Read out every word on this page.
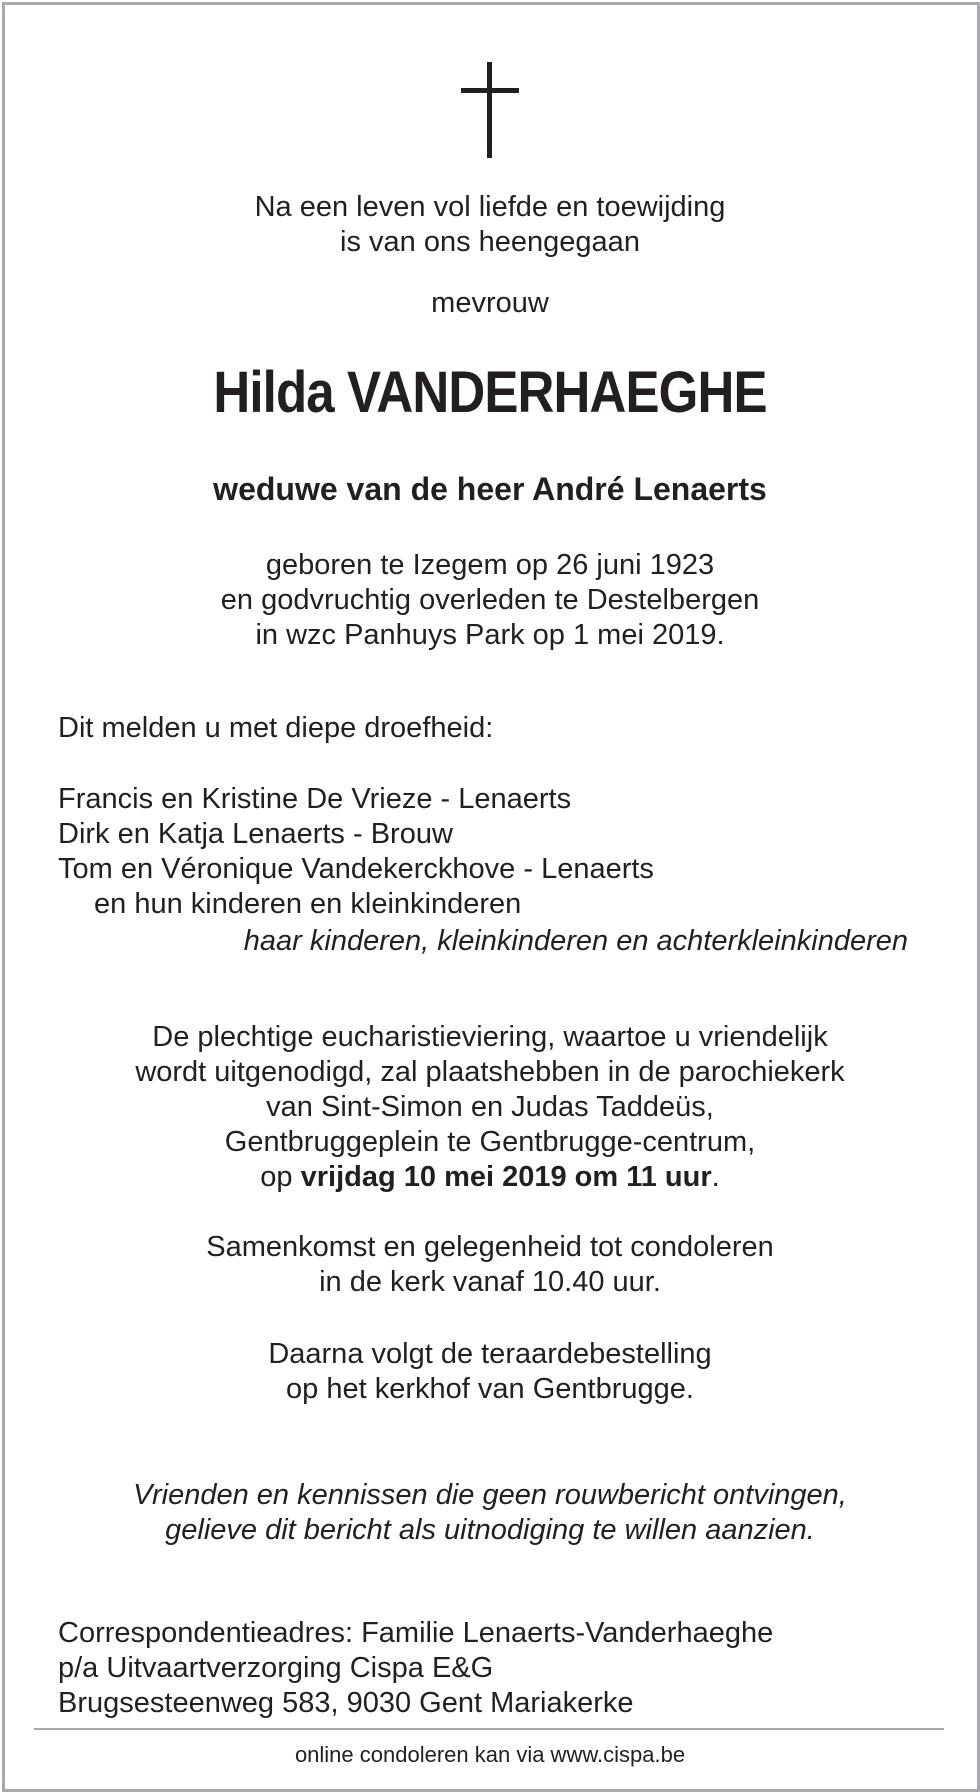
Na een leven vol liefde en toewijding
is van ons heengegaan
mevrouw
Hilda VANDERHAEGHE
weduwe van de heer André Lenaerts
geboren te Izegem op 26 juni 1923
en godvruchtig overleden te Destelbergen
in wzc Panhuys Park op 1 mei 2019.
Dit melden u met diepe droefheid:
Francis en Kristine De Vrieze - Lenaerts
Dirk en Katja Lenaerts - Brouw
Tom en Véronique Vandekerckhove - Lenaerts
en hun kinderen en kleinkinderen
haar kinderen, kleinkinderen en achterkleinkinderen
De plechtige eucharistieviering, waartoe u vriendelijk
wordt uitgenodigd, zal plaatshebben in de parochiekerk
van Sint-Simon en Judas Taddeüs,
Gentbruggeplein te Gentbrugge-centrum,
op vrijdag 10 mei 2019 om 11 uur.
Samenkomst en gelegenheid tot condoleren
in de kerk vanaf 10.40 uur.
Daarna volgt de teraardebestelling
op het kerkhof van Gentbrugge.
Vrienden en kennissen die geen rouwbericht ontvingen,
gelieve dit bericht als uitnodiging te willen aanzien.
Correspondentieadres: Familie Lenaerts-Vanderhaeghe
p/a Uitvaartverzorging Cispa E&G
Brugsesteenweg 583, 9030 Gent Mariakerke
online condoleren kan via www.cispa.be
